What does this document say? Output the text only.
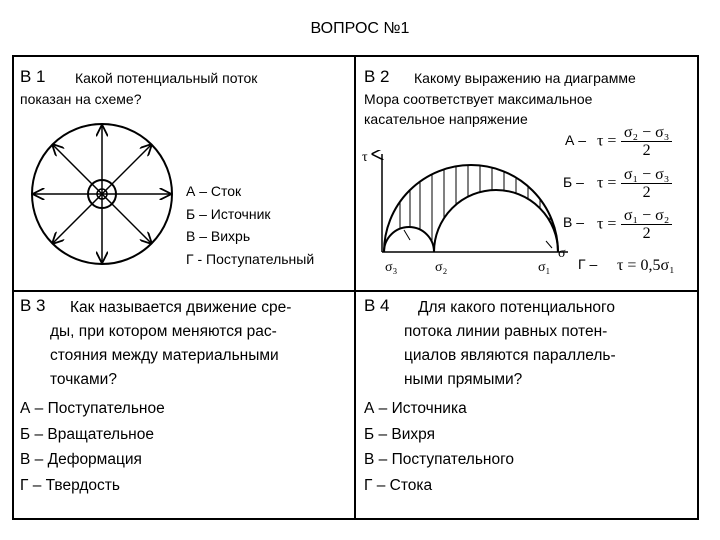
ВОПРОС №1
В 1 Какой потенциальный поток
показан на схеме?
А – Сток
Б – Источник
В – Вихрь
Г - Поступательный
В 2 Какому выражению на диаграмме
Мора соответствует максимальное
касательное напряжение
$А - \tau = \frac{\text{σ₂ − σ₃}}{2}$
$Б - \tau = \frac{\text{σ₁ − σ₃}}{2}$
$В - \tau = \frac{\text{σ₁ − σ₂}}{2}$
Г – τ = 0,5σ₁
τ
σ
σ₃	σ₂	σ₁
В 3	Как называется движение сре-
ды, при котором меняются рас-
стояния между материальными
точками?
А – Поступательное
Б – Вращательное
В – Деформация
Г – Твердость
В 4	Для какого потенциального
потока линии равных потен-
циалов являются параллель-
ными прямыми?
А – Источника
Б – Вихря
В – Поступательного
Г – Стока
